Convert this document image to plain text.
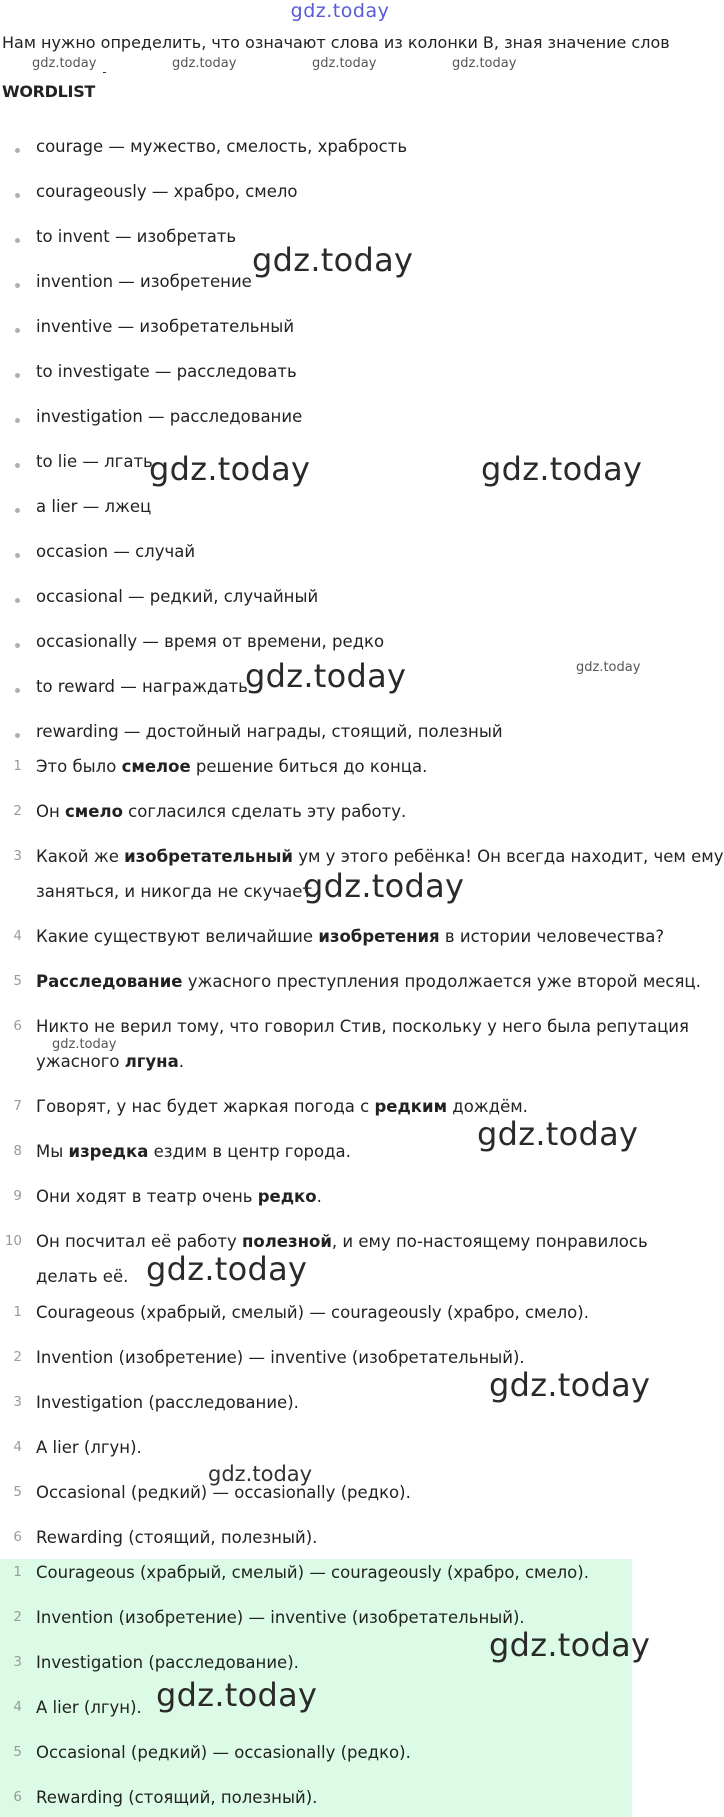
gdz.today
Нам нужно определить, что означают слова из колонки В, зная значение слов
gdz.today	gdz.today	gdz.today	gdz.today
WORDLIST
courage — мужество, смелость, храбрость
courageously — храбро, смело
to invent — изобретать
invention — изобретение
inventive — изобретательный
to investigate — расследовать
investigation — расследование
to lie — лгать
a lier — лжец
occasion — случай
occasional — редкий, случайный
occasionally — время от времени, редко
to reward — награждать
rewarding — достойный награды, стоящий, полезный
1 Это было смелое решение биться до конца.
2 Он смело согласился сделать эту работу.
3 Какой же изобретательный ум у этого ребёнка! Он всегда находит, чем ему
заняться, и никогда не скучает.
4 Какие существуют величайшие изобретения в истории человечества?
5 Расследование ужасного преступления продолжается уже второй месяц.
6 Никто не верил тому, что говорил Стив, поскольку у него была репутация
ужасного лгуна.
7 Говорят, у нас будет жаркая погода с редким дождём.
8 Мы изредка ездим в центр города.
9 Они ходят в театр очень редко.
10 Он посчитал её работу полезной, и ему по-настоящему понравилось
делать её.
1 Courageous (храбрый, смелый) — courageously (храбро, смело).
2 Invention (изобретение) — inventive (изобретательный).
3 Investigation (расследование).
4 A lier (лгун).
5 Occasional (редкий) — occasionally (редко).
6 Rewarding (стоящий, полезный).
1 Courageous (храбрый, смелый) — courageously (храбро, смело).
2 Invention (изобретение) — inventive (изобретательный).
3 Investigation (расследование).
4 A lier (лгун).
5 Occasional (редкий) — occasionally (редко).
6 Rewarding (стоящий, полезный).
gdz.today
gdz.today	gdz.today
gdz.today	gdz.today
gdz.today
gdz.today
gdz.today
gdz.today
gdz.today
gdz.today
gdz.today
gdz.today
